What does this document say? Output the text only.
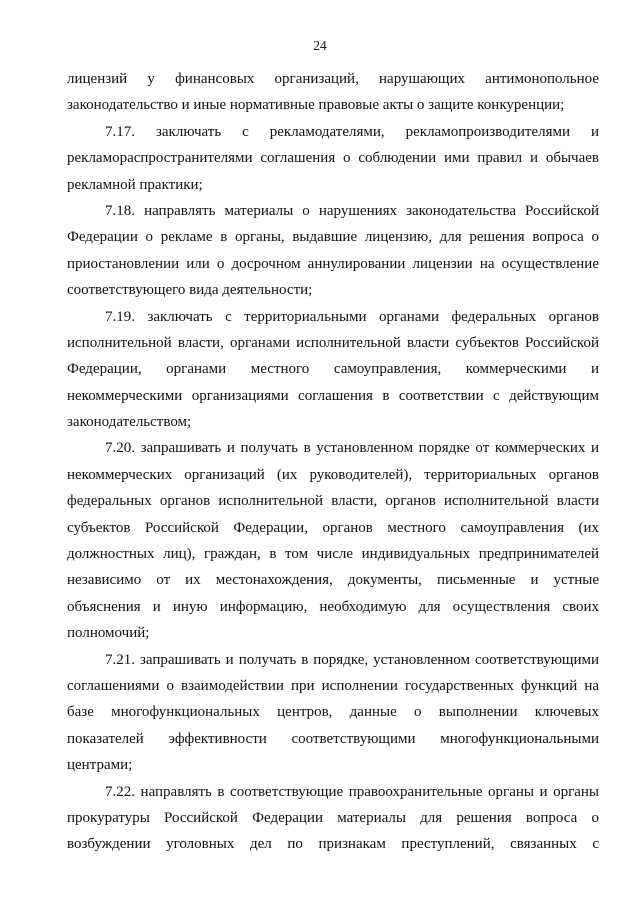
24

лицензий у финансовых организаций, нарушающих антимонопольное
законодательство и иные нормативные правовые акты о защите конкуренции;

7.17. заключать с рекламодателями, рекламопроизводителями и
рекламораспространителями соглашения о соблюдении ими правил и обычаев
рекламной практики;

7.18. направлять материалы о нарушениях законодательства Российской
Федерации о рекламе в органы, выдавшие лицензию, для решения вопроса о
приостановлении или о досрочном аннулировании лицензии на осуществление
соответствующего вида деятельности;

7.19. заключать с территориальными органами федеральных органов
исполнительной власти, органами исполнительной власти субъектов Российской
Федерации, органами местного самоуправления, коммерческими и
некоммерческими организациями соглашения в соответствии с действующим
законодательством;

7.20. запрашивать и получать в установленном порядке от коммерческих и
некоммерческих организаций (их руководителей), территориальных органов
федеральных органов исполнительной власти, органов исполнительной власти
субъектов Российской Федерации, органов местного самоуправления (их
должностных лиц), граждан, в том числе индивидуальных предпринимателей
независимо от их местонахождения, документы, письменные и устные
объяснения и иную информацию, необходимую для осуществления своих
полномочий;

7.21. запрашивать и получать в порядке, установленном соответствующими
соглашениями о взаимодействии при исполнении государственных функций на
базе многофункциональных центров, данные о выполнении ключевых
показателей эффективности соответствующими многофункциональными
центрами;

7.22. направлять в соответствующие правоохранительные органы и органы
прокуратуры Российской Федерации материалы для решения вопроса о
возбуждении уголовных дел по признакам преступлений, связанных с
